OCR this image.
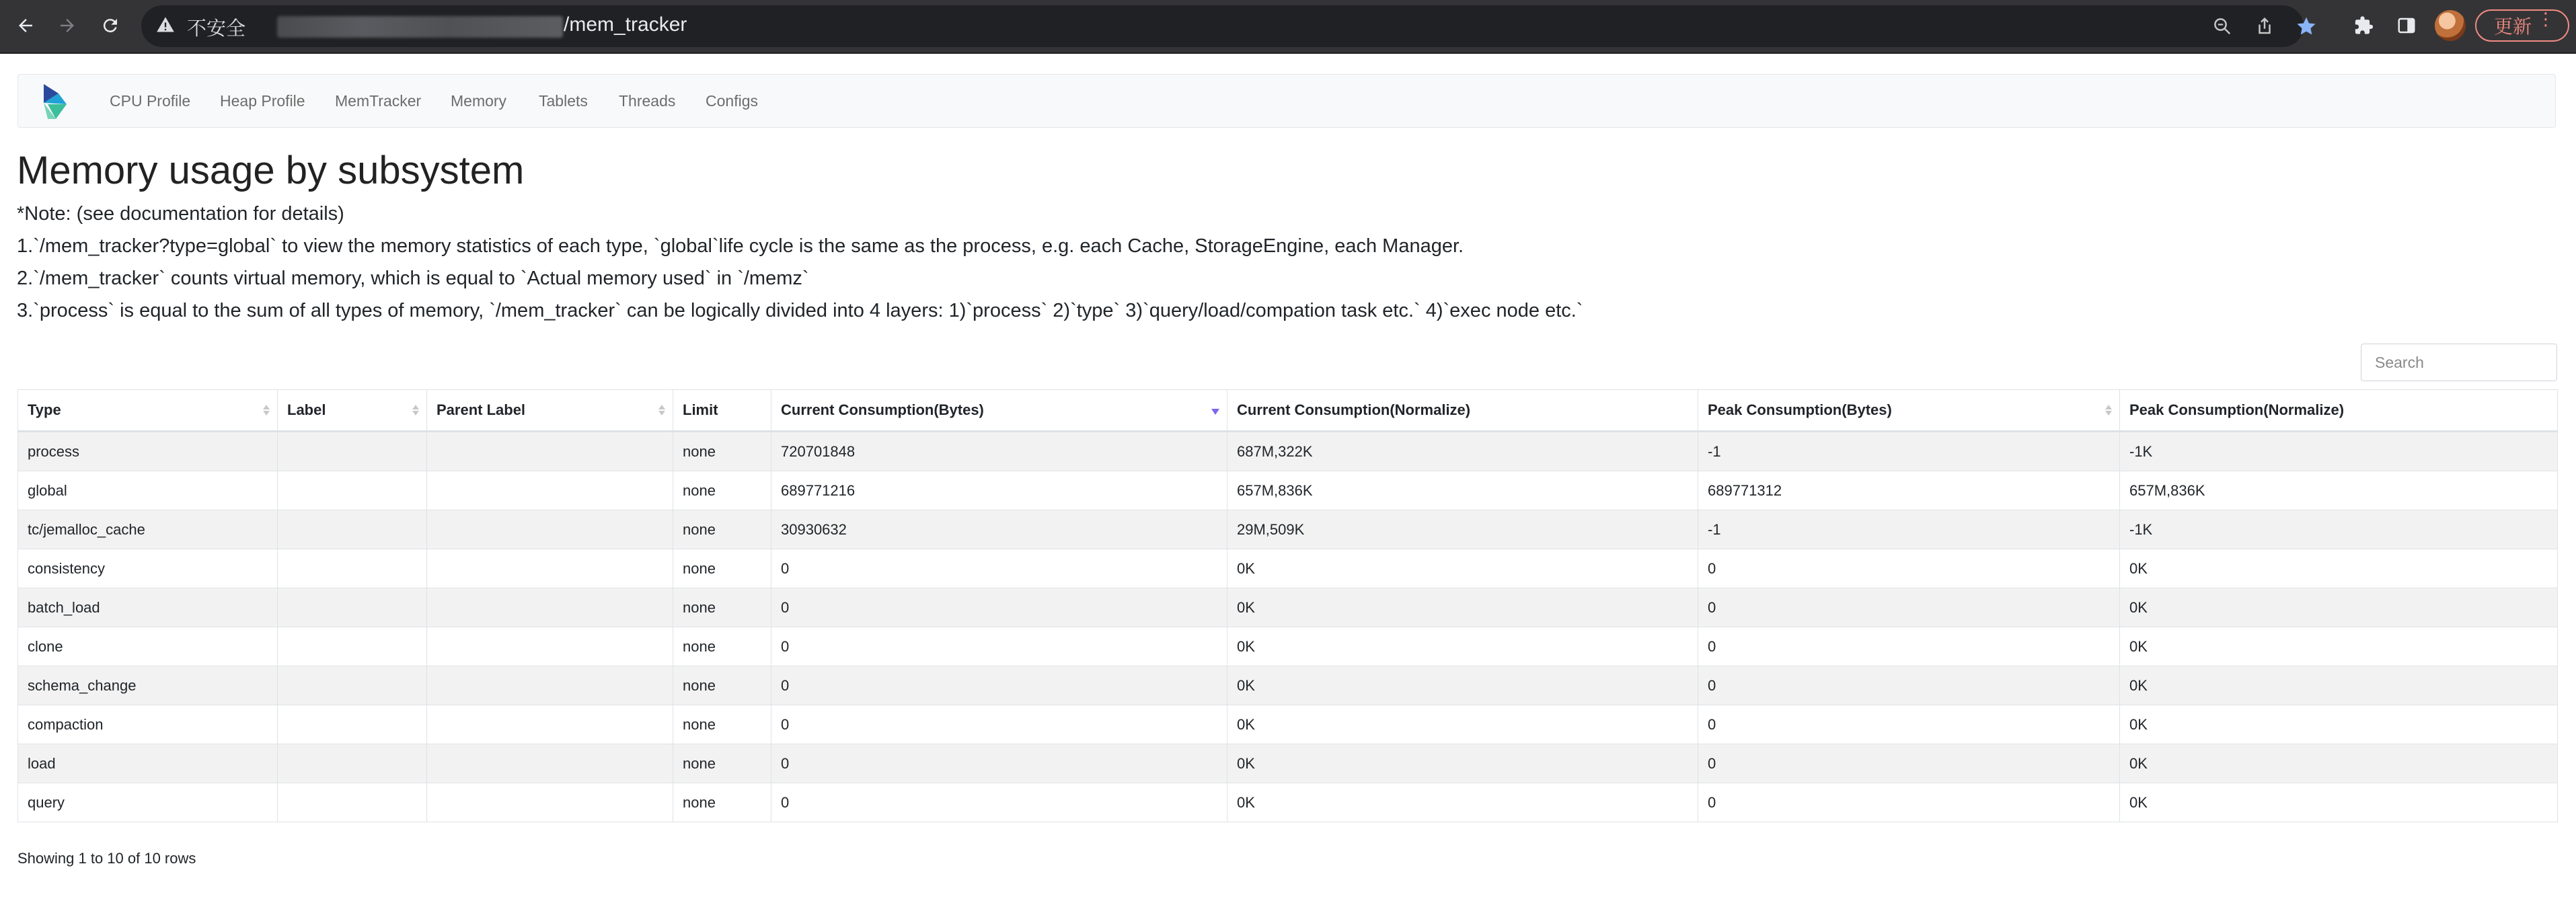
不安全	/mem_tracker	更新 ⋮
CPU Profile Heap Profile MemTracker Memory Tablets Threads Configs
Memory usage by subsystem
*Note: (see documentation for details)
1.`/mem_tracker?type=global` to view the memory statistics of each type, `global`life cycle is the same as the process, e.g. each Cache, StorageEngine, each Manager.
2.`/mem_tracker` counts virtual memory, which is equal to `Actual memory used` in `/memz`
3.`process` is equal to the sum of all types of memory, `/mem_tracker` can be logically divided into 4 layers: 1)`process` 2)`type` 3)`query/load/compation task etc.` 4)`exec node etc.`
Search
Type	Label	Parent Label	Limit	Current Consumption(Bytes)	Current Consumption(Normalize)	Peak Consumption(Bytes)	Peak Consumption(Normalize)
process			none	720701848	687M,322K	-1	-1K
global			none	689771216	657M,836K	689771312	657M,836K
tc/jemalloc_cache			none	30930632	29M,509K	-1	-1K
consistency			none	0	0K	0	0K
batch_load			none	0	0K	0	0K
clone			none	0	0K	0	0K
schema_change			none	0	0K	0	0K
compaction			none	0	0K	0	0K
load			none	0	0K	0	0K
query			none	0	0K	0	0K
Showing 1 to 10 of 10 rows
